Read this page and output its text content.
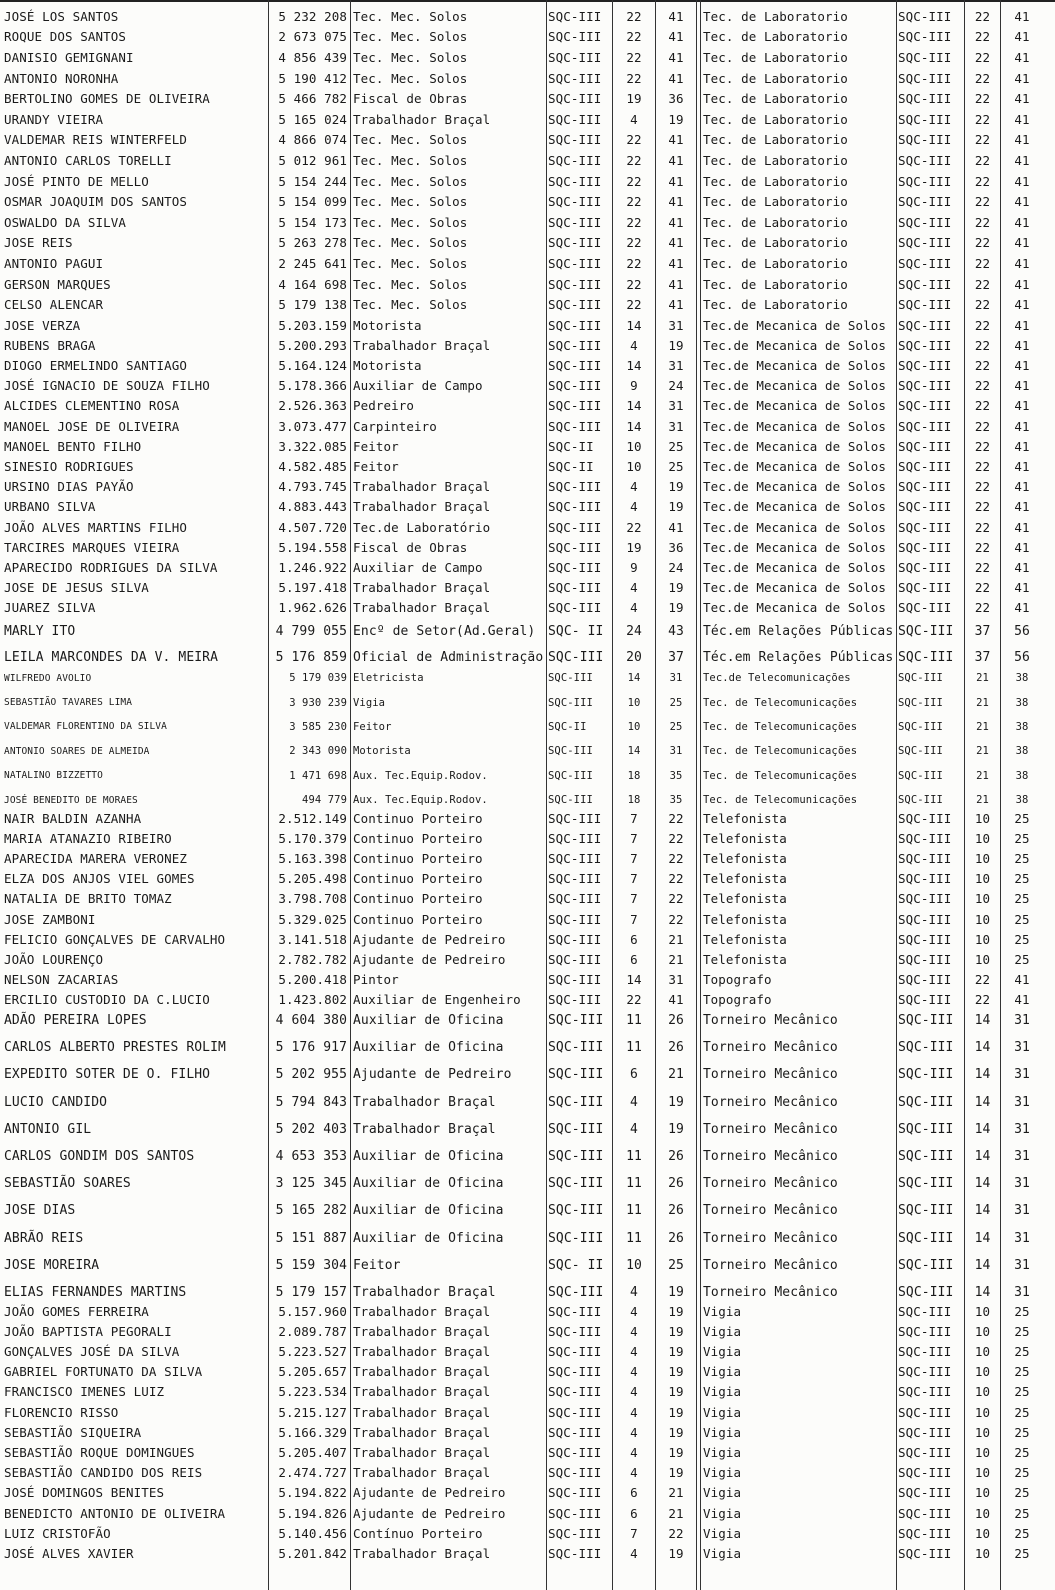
JOSÉ LOS SANTOS	5 232 208 Tec. Mec. Solos	SQC-III	22	41	Tec. de Laboratorio	SQC-III	22	41
ROQUE DOS SANTOS	2 673 075 Tec. Mec. Solos	SQC-III	22	41	Tec. de Laboratorio	SQC-III	22	41
DANISIO GEMIGNANI	4 856 439 Tec. Mec. Solos	SQC-III	22	41	Tec. de Laboratorio	SQC-III	22	41
ANTONIO NORONHA	5 190 412 Tec. Mec. Solos	SQC-III	22	41	Tec. de Laboratorio	SQC-III	22	41
BERTOLINO GOMES DE OLIVEIRA	5 466 782 Fiscal de Obras	SQC-III	19	36	Tec. de Laboratorio	SQC-III	22	41
URANDY VIEIRA	5 165 024 Trabalhador Braçal	SQC-III	4	19	Tec. de Laboratorio	SQC-III	22	41
VALDEMAR REIS WINTERFELD	4 866 074 Tec. Mec. Solos	SQC-III	22	41	Tec. de Laboratorio	SQC-III	22	41
ANTONIO CARLOS TORELLI	5 012 961 Tec. Mec. Solos	SQC-III	22	41	Tec. de Laboratorio	SQC-III	22	41
JOSÉ PINTO DE MELLO	5 154 244 Tec. Mec. Solos	SQC-III	22	41	Tec. de Laboratorio	SQC-III	22	41
OSMAR JOAQUIM DOS SANTOS	5 154 099 Tec. Mec. Solos	SQC-III	22	41	Tec. de Laboratorio	SQC-III	22	41
OSWALDO DA SILVA	5 154 173 Tec. Mec. Solos	SQC-III	22	41	Tec. de Laboratorio	SQC-III	22	41
JOSE REIS	5 263 278 Tec. Mec. Solos	SQC-III	22	41	Tec. de Laboratorio	SQC-III	22	41
ANTONIO PAGUI	2 245 641 Tec. Mec. Solos	SQC-III	22	41	Tec. de Laboratorio	SQC-III	22	41
GERSON MARQUES	4 164 698 Tec. Mec. Solos	SQC-III	22	41	Tec. de Laboratorio	SQC-III	22	41
CELSO ALENCAR	5 179 138 Tec. Mec. Solos	SQC-III	22	41	Tec. de Laboratorio	SQC-III	22	41
JOSE VERZA	5.203.159 Motorista	SQC-III	14	31	Tec.de Mecanica de Solos SQC-III	22	41
RUBENS BRAGA	5.200.293 Trabalhador Braçal	SQC-III	4	19	Tec.de Mecanica de Solos SQC-III	22	41
DIOGO ERMELINDO SANTIAGO	5.164.124 Motorista	SQC-III	14	31	Tec.de Mecanica de Solos SQC-III	22	41
JOSÉ IGNACIO DE SOUZA FILHO	5.178.366 Auxiliar de Campo	SQC-III	9	24	Tec.de Mecanica de Solos SQC-III	22	41
ALCIDES CLEMENTINO ROSA	2.526.363 Pedreiro	SQC-III	14	31	Tec.de Mecanica de Solos SQC-III	22	41
MANOEL JOSE DE OLIVEIRA	3.073.477 Carpinteiro	SQC-III	14	31	Tec.de Mecanica de Solos SQC-III	22	41
MANOEL BENTO FILHO	3.322.085 Feitor	SQC-II	10	25	Tec.de Mecanica de Solos SQC-III	22	41
SINESIO RODRIGUES	4.582.485 Feitor	SQC-II	10	25	Tec.de Mecanica de Solos SQC-III	22	41
URSINO DIAS PAYÃO	4.793.745 Trabalhador Braçal	SQC-III	4	19	Tec.de Mecanica de Solos SQC-III	22	41
URBANO SILVA	4.883.443 Trabalhador Braçal	SQC-III	4	19	Tec.de Mecanica de Solos SQC-III	22	41
JOÃO ALVES MARTINS FILHO	4.507.720 Tec.de Laboratório	SQC-III	22	41	Tec.de Mecanica de Solos SQC-III	22	41
TARCIRES MARQUES VIEIRA	5.194.558 Fiscal de Obras	SQC-III	19	36	Tec.de Mecanica de Solos SQC-III	22	41
APARECIDO RODRIGUES DA SILVA	1.246.922 Auxiliar de Campo	SQC-III	9	24	Tec.de Mecanica de Solos SQC-III	22	41
JOSE DE JESUS SILVA	5.197.418 Trabalhador Braçal	SQC-III	4	19	Tec.de Mecanica de Solos SQC-III	22	41
JUAREZ SILVA	1.962.626 Trabalhador Braçal	SQC-III	4	19	Tec.de Mecanica de Solos SQC-III	22	41
MARLY ITO	4 799 055 Encº de Setor(Ad.Geral) SQC- II	24	43	Téc.em Relações Públicas SQC-III	37	56
LEILA MARCONDES DA V. MEIRA	5 176 859 Oficial de Administração SQC-III	20	37	Téc.em Relações Públicas SQC-III	37	56
WILFREDO AVOLIO	5 179 039 Eletricista	SQC-III	14	31	Tec.de Telecomunicações	SQC-III	21	38
SEBASTIÃO TAVARES LIMA	3 930 239 Vigia	SQC-III	10	25	Tec. de Telecomunicações	SQC-III	21	38
VALDEMAR FLORENTINO DA SILVA	3 585 230 Feitor	SQC-II	10	25	Tec. de Telecomunicações	SQC-III	21	38
ANTONIO SOARES DE ALMEIDA	2 343 090 Motorista	SQC-III	14	31	Tec. de Telecomunicações	SQC-III	21	38
NATALINO BIZZETTO	1 471 698 Aux. Tec.Equip.Rodov.	SQC-III	18	35	Tec. de Telecomunicações	SQC-III	21	38
JOSÉ BENEDITO DE MORAES	494 779 Aux. Tec.Equip.Rodov.	SQC-III	18	35	Tec. de Telecomunicações	SQC-III	21	38
NAIR BALDIN AZANHA	2.512.149 Continuo Porteiro	SQC-III	7	22	Telefonista	SQC-III	10	25
MARIA ATANAZIO RIBEIRO	5.170.379 Continuo Porteiro	SQC-III	7	22	Telefonista	SQC-III	10	25
APARECIDA MARERA VERONEZ	5.163.398 Continuo Porteiro	SQC-III	7	22	Telefonista	SQC-III	10	25
ELZA DOS ANJOS VIEL GOMES	5.205.498 Continuo Porteiro	SQC-III	7	22	Telefonista	SQC-III	10	25
NATALIA DE BRITO TOMAZ	3.798.708 Continuo Porteiro	SQC-III	7	22	Telefonista	SQC-III	10	25
JOSE ZAMBONI	5.329.025 Continuo Porteiro	SQC-III	7	22	Telefonista	SQC-III	10	25
FELICIO GONÇALVES DE CARVALHO	3.141.518 Ajudante de Pedreiro	SQC-III	6	21	Telefonista	SQC-III	10	25
JOÃO LOURENÇO	2.782.782 Ajudante de Pedreiro	SQC-III	6	21	Telefonista	SQC-III	10	25
NELSON ZACARIAS	5.200.418 Pintor	SQC-III	14	31	Topografo	SQC-III	22	41
ERCILIO CUSTODIO DA C.LUCIO	1.423.802 Auxiliar de Engenheiro	SQC-III	22	41	Topografo	SQC-III	22	41
ADÃO PEREIRA LOPES	4 604 380 Auxiliar de Oficina	SQC-III	11	26	Torneiro Mecânico	SQC-III	14	31
CARLOS ALBERTO PRESTES ROLIM	5 176 917 Auxiliar de Oficina	SQC-III	11	26	Torneiro Mecânico	SQC-III	14	31
EXPEDITO SOTER DE O. FILHO	5 202 955 Ajudante de Pedreiro	SQC-III	6	21	Torneiro Mecânico	SQC-III	14	31
LUCIO CANDIDO	5 794 843 Trabalhador Braçal	SQC-III	4	19	Torneiro Mecânico	SQC-III	14	31
ANTONIO GIL	5 202 403 Trabalhador Braçal	SQC-III	4	19	Torneiro Mecânico	SQC-III	14	31
CARLOS GONDIM DOS SANTOS	4 653 353 Auxiliar de Oficina	SQC-III	11	26	Torneiro Mecânico	SQC-III	14	31
SEBASTIÃO SOARES	3 125 345 Auxiliar de Oficina	SQC-III	11	26	Torneiro Mecânico	SQC-III	14	31
JOSE DIAS	5 165 282 Auxiliar de Oficina	SQC-III	11	26	Torneiro Mecânico	SQC-III	14	31
ABRÃO REIS	5 151 887 Auxiliar de Oficina	SQC-III	11	26	Torneiro Mecânico	SQC-III	14	31
JOSE MOREIRA	5 159 304 Feitor	SQC- II	10	25	Torneiro Mecânico	SQC-III	14	31
ELIAS FERNANDES MARTINS	5 179 157 Trabalhador Braçal	SQC-III	4	19	Torneiro Mecânico	SQC-III	14	31
JOÃO GOMES FERREIRA	5.157.960 Trabalhador Braçal	SQC-III	4	19	Vigia	SQC-III	10	25
JOÃO BAPTISTA PEGORALI	2.089.787 Trabalhador Braçal	SQC-III	4	19	Vigia	SQC-III	10	25
GONÇALVES JOSÉ DA SILVA	5.223.527 Trabalhador Braçal	SQC-III	4	19	Vigia	SQC-III	10	25
GABRIEL FORTUNATO DA SILVA	5.205.657 Trabalhador Braçal	SQC-III	4	19	Vigia	SQC-III	10	25
FRANCISCO IMENES LUIZ	5.223.534 Trabalhador Braçal	SQC-III	4	19	Vigia	SQC-III	10	25
FLORENCIO RISSO	5.215.127 Trabalhador Braçal	SQC-III	4	19	Vigia	SQC-III	10	25
SEBASTIÃO SIQUEIRA	5.166.329 Trabalhador Braçal	SQC-III	4	19	Vigia	SQC-III	10	25
SEBASTIÃO ROQUE DOMINGUES	5.205.407 Trabalhador Braçal	SQC-III	4	19	Vigia	SQC-III	10	25
SEBASTIÃO CANDIDO DOS REIS	2.474.727 Trabalhador Braçal	SQC-III	4	19	Vigia	SQC-III	10	25
JOSÉ DOMINGOS BENITES	5.194.822 Ajudante de Pedreiro	SQC-III	6	21	Vigia	SQC-III	10	25
BENEDICTO ANTONIO DE OLIVEIRA	5.194.826 Ajudante de Pedreiro	SQC-III	6	21	Vigia	SQC-III	10	25
LUIZ CRISTOFÃO	5.140.456 Contínuo Porteiro	SQC-III	7	22	Vigia	SQC-III	10	25
JOSÉ ALVES XAVIER	5.201.842 Trabalhador Braçal	SQC-III	4	19	Vigia	SQC-III	10	25
